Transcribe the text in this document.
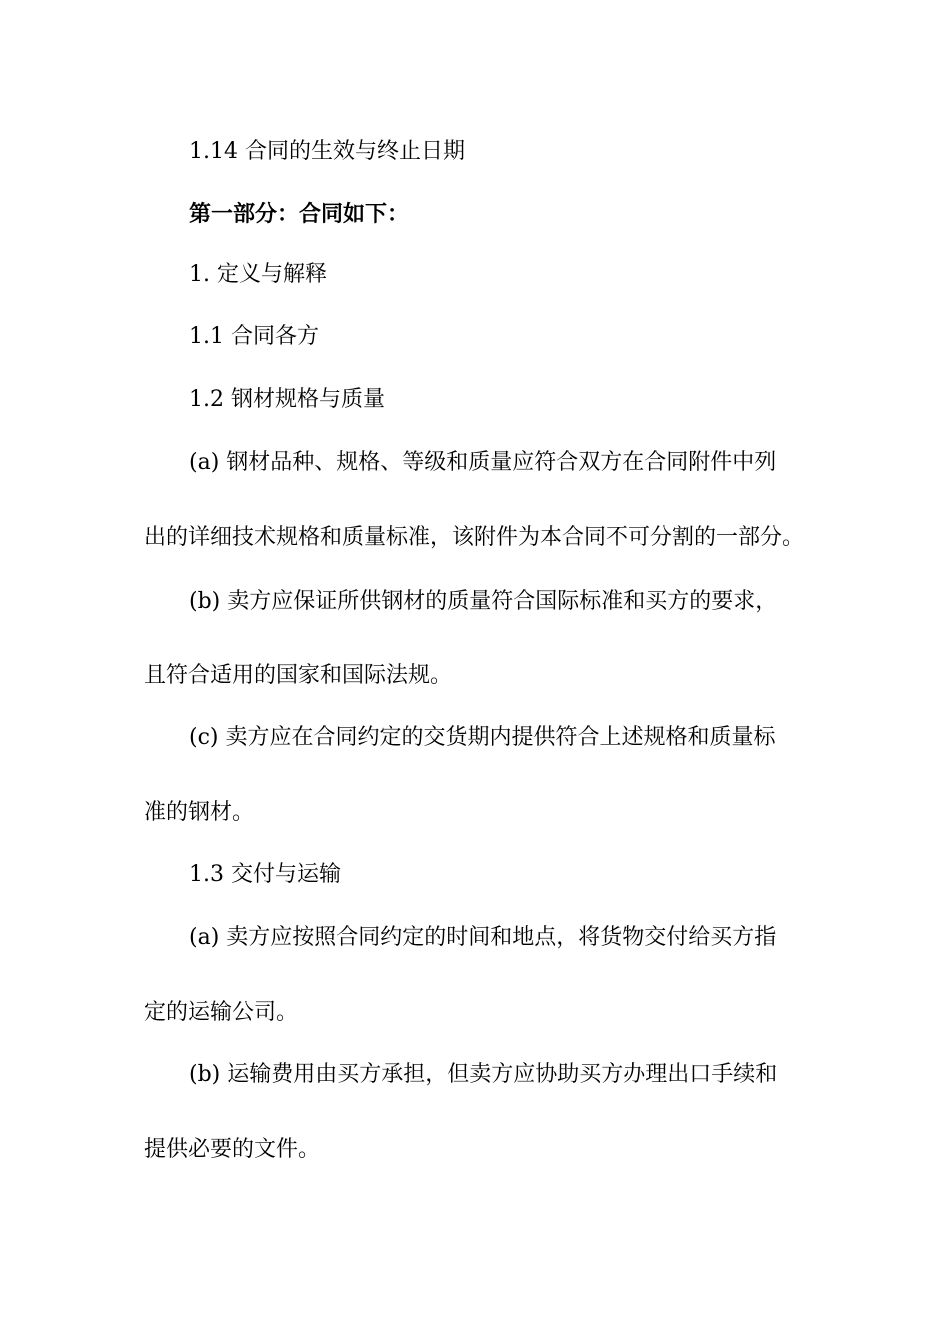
1.14 合同的生效与终止日期
第一部分：合同如下：
1. 定义与解释
1.1 合同各方
1.2 钢材规格与质量
(a) 钢材品种、规格、等级和质量应符合双方在合同附件中列
出的详细技术规格和质量标准，该附件为本合同不可分割的一部分。
(b) 卖方应保证所供钢材的质量符合国际标准和买方的要求，
且符合适用的国家和国际法规。
(c) 卖方应在合同约定的交货期内提供符合上述规格和质量标
准的钢材。
1.3 交付与运输
(a) 卖方应按照合同约定的时间和地点，将货物交付给买方指
定的运输公司。
(b) 运输费用由买方承担，但卖方应协助买方办理出口手续和
提供必要的文件。
